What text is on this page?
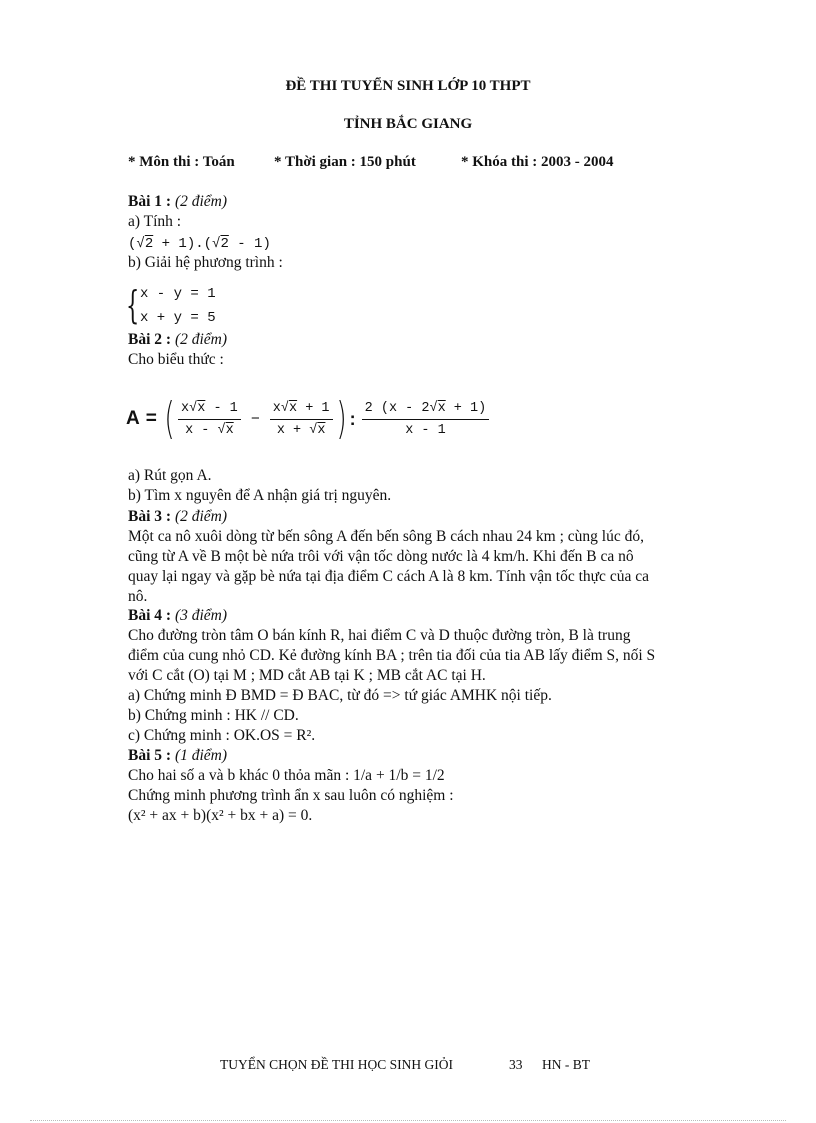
ĐỀ THI TUYỂN SINH LỚP 10 THPT
TỈNH BẮC GIANG
* Môn thi : Toán	* Thời gian : 150 phút	* Khóa thi : 2003 - 2004
Bài 1 : (2 điểm)
a) Tính :
(√2 + 1).(√2 - 1)
b) Giải hệ phương trình :
{ x - y = 1
x + y = 5
Bài 2 : (2 điểm)
Cho biểu thức :
A = ( $\frac{x√x - 1}{x - √x} - \frac{x√x + 1}{x + √x}$ ) : $\frac{2 (x - 2√x + 1)}{x - 1}$
a) Rút gọn A.
b) Tìm x nguyên để A nhận giá trị nguyên.
Bài 3 : (2 điểm)
Một ca nô xuôi dòng từ bến sông A đến bến sông B cách nhau 24 km ; cùng lúc đó,
cũng từ A về B một bè nứa trôi với vận tốc dòng nước là 4 km/h. Khi đến B ca nô
quay lại ngay và gặp bè nứa tại địa điểm C cách A là 8 km. Tính vận tốc thực của ca
nô.
Bài 4 : (3 điểm)
Cho đường tròn tâm O bán kính R, hai điểm C và D thuộc đường tròn, B là trung
điểm của cung nhỏ CD. Kẻ đường kính BA ; trên tia đối của tia AB lấy điểm S, nối S
với C cắt (O) tại M ; MD cắt AB tại K ; MB cắt AC tại H.
a) Chứng minh Đ BMD = Đ BAC, từ đó => tứ giác AMHK nội tiếp.
b) Chứng minh : HK // CD.
c) Chứng minh : OK.OS = R².
Bài 5 : (1 điểm)
Cho hai số a và b khác 0 thỏa mãn : 1/a + 1/b = 1/2
Chứng minh phương trình ẩn x sau luôn có nghiệm :
(x² + ax + b)(x² + bx + a) = 0.
TUYỂN CHỌN ĐỀ THI HỌC SINH GIỎI	33 HN - BT
